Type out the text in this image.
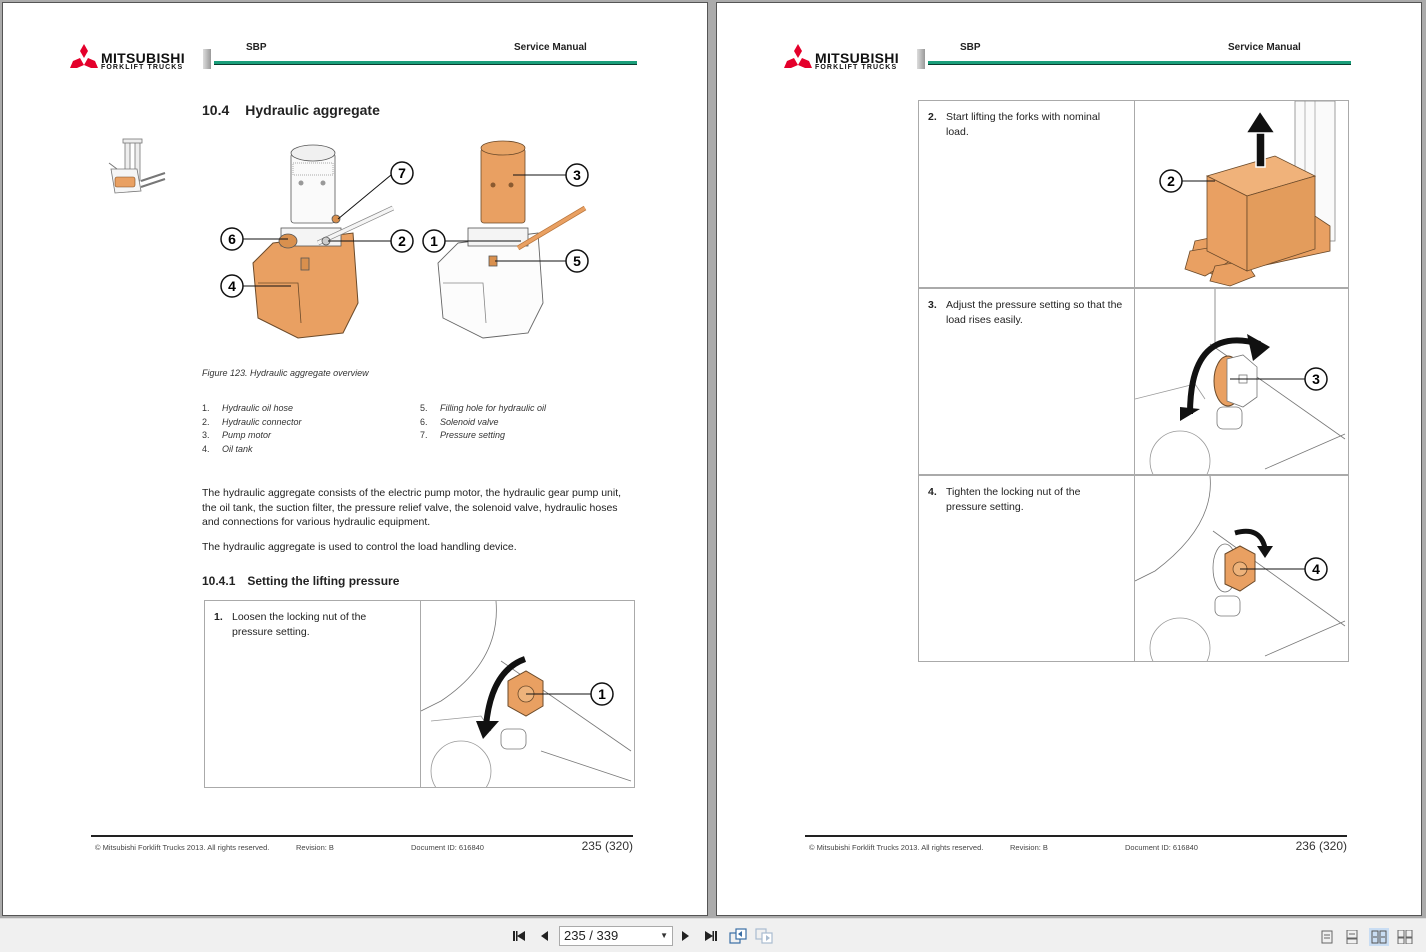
MITSUBISHI
FORKLIFT TRUCKS
SBP	Service Manual
10.4 Hydraulic aggregate
7	3
6	2 1
5
4
Figure 123. Hydraulic aggregate overview
1. Hydraulic oil hose
2. Hydraulic connector
3. Pump motor
4. Oil tank
5. Filling hole for hydraulic oil
6. Solenoid valve
7. Pressure setting

The hydraulic aggregate consists of the electric pump motor, the hydraulic gear pump unit, the oil tank, the suction filter, the pressure relief valve, the solenoid valve, hydraulic hoses and connections for various hydraulic equipment.

The hydraulic aggregate is used to control the load handling device.

10.4.1 Setting the lifting pressure
1. Loosen the locking nut of the pressure setting.
1
© Mitsubishi Forklift Trucks 2013. All rights reserved.	Revision: B	Document ID: 616840	235 (320)
MITSUBISHI
FORKLIFT TRUCKS
SBP	Service Manual
2. Start lifting the forks with nominal load.
2
3. Adjust the pressure setting so that the load rises easily.
3
4. Tighten the locking nut of the pressure setting.
4
© Mitsubishi Forklift Trucks 2013. All rights reserved.	Revision: B	Document ID: 616840	236 (320)
235 / 339	▼
